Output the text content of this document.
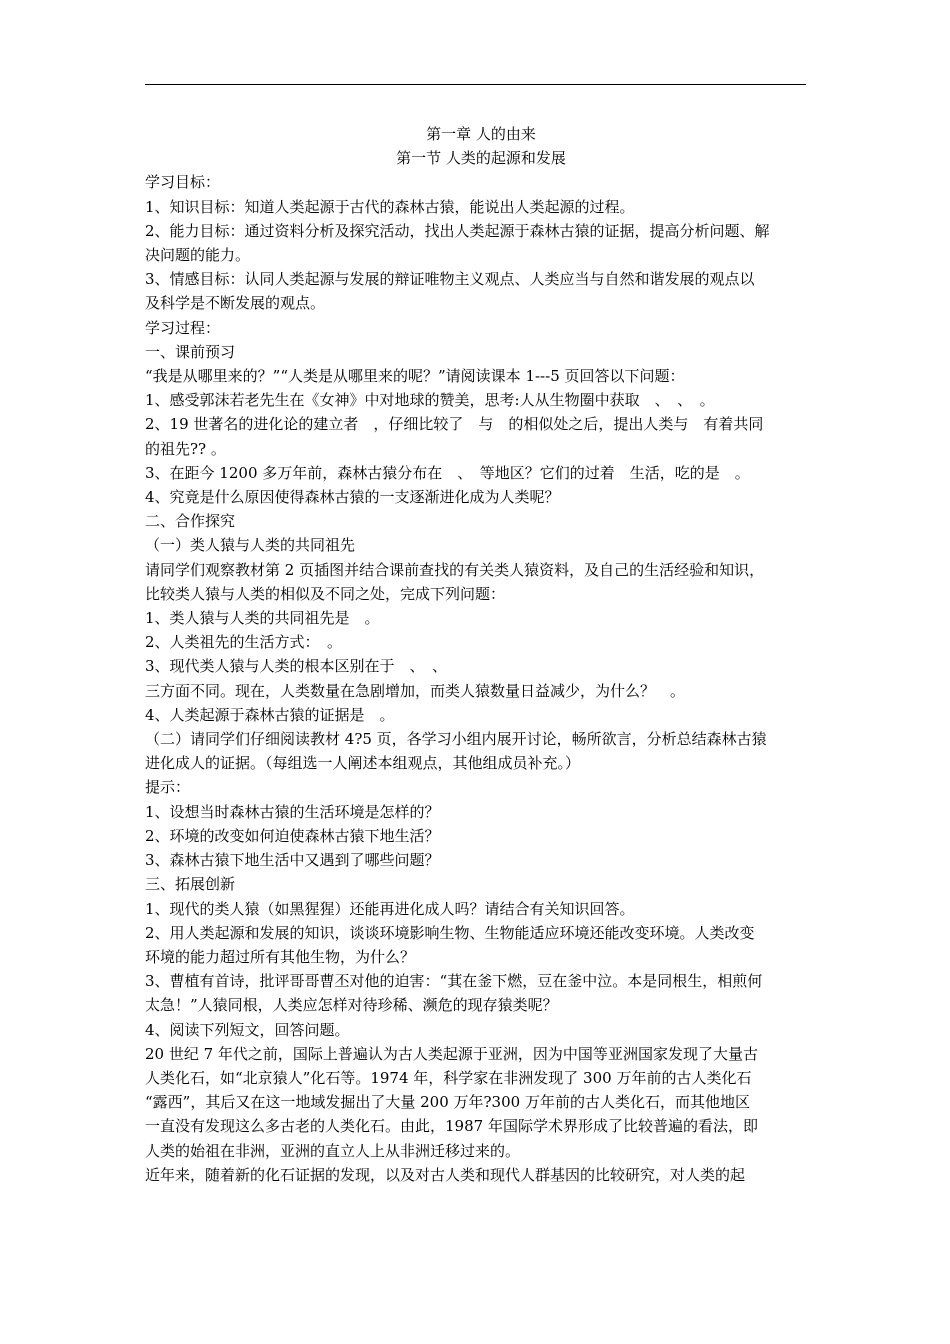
第一章 人的由来
第一节 人类的起源和发展
学习目标：
1、知识目标：知道人类起源于古代的森林古猿，能说出人类起源的过程。
2、能力目标：通过资料分析及探究活动，找出人类起源于森林古猿的证据，提高分析问题、解
决问题的能力。
3、情感目标：认同人类起源与发展的辩证唯物主义观点、人类应当与自然和谐发展的观点以
及科学是不断发展的观点。
学习过程：
一、课前预习
“我是从哪里来的？”“人类是从哪里来的呢？”请阅读课本 1---5 页回答以下问题：
1、感受郭沫若老先生在《女神》中对地球的赞美，思考:人从生物圈中获取　、　、　。
2、19 世著名的进化论的建立者　，仔细比较了　与　的相似处之后，提出人类与　有着共同
的祖先?? 。
3、在距今 1200 多万年前，森林古猿分布在　、　等地区？它们的过着　生活，吃的是　。
4、究竟是什么原因使得森林古猿的一支逐渐进化成为人类呢？
二、合作探究
（一）类人猿与人类的共同祖先
请同学们观察教材第 2 页插图并结合课前查找的有关类人猿资料，及自己的生活经验和知识，
比较类人猿与人类的相似及不同之处，完成下列问题：
1、类人猿与人类的共同祖先是　。
2、人类祖先的生活方式：　。
3、现代类人猿与人类的根本区别在于　、　、
三方面不同。现在，人类数量在急剧增加，而类人猿数量日益减少，为什么？　。
4、人类起源于森林古猿的证据是　。
（二）请同学们仔细阅读教材 4?5 页，各学习小组内展开讨论，畅所欲言，分析总结森林古猿
进化成人的证据。（每组选一人阐述本组观点，其他组成员补充。）
提示：
1、设想当时森林古猿的生活环境是怎样的？
2、环境的改变如何迫使森林古猿下地生活？
3、森林古猿下地生活中又遇到了哪些问题？
三、拓展创新
1、现代的类人猿（如黑猩猩）还能再进化成人吗？请结合有关知识回答。
2、用人类起源和发展的知识，谈谈环境影响生物、生物能适应环境还能改变环境。人类改变
环境的能力超过所有其他生物，为什么？
3、曹植有首诗，批评哥哥曹丕对他的迫害：“萁在釜下燃，豆在釜中泣。本是同根生，相煎何
太急！”人猿同根，人类应怎样对待珍稀、濒危的现存猿类呢？
4、阅读下列短文，回答问题。
20 世纪 7 年代之前，国际上普遍认为古人类起源于亚洲，因为中国等亚洲国家发现了大量古
人类化石，如“北京猿人”化石等。1974 年，科学家在非洲发现了 300 万年前的古人类化石
“露西”，其后又在这一地域发掘出了大量 200 万年?300 万年前的古人类化石，而其他地区
一直没有发现这么多古老的人类化石。由此，1987 年国际学术界形成了比较普遍的看法，即
人类的始祖在非洲，亚洲的直立人上从非洲迁移过来的。
近年来，随着新的化石证据的发现，以及对古人类和现代人群基因的比较研究，对人类的起
